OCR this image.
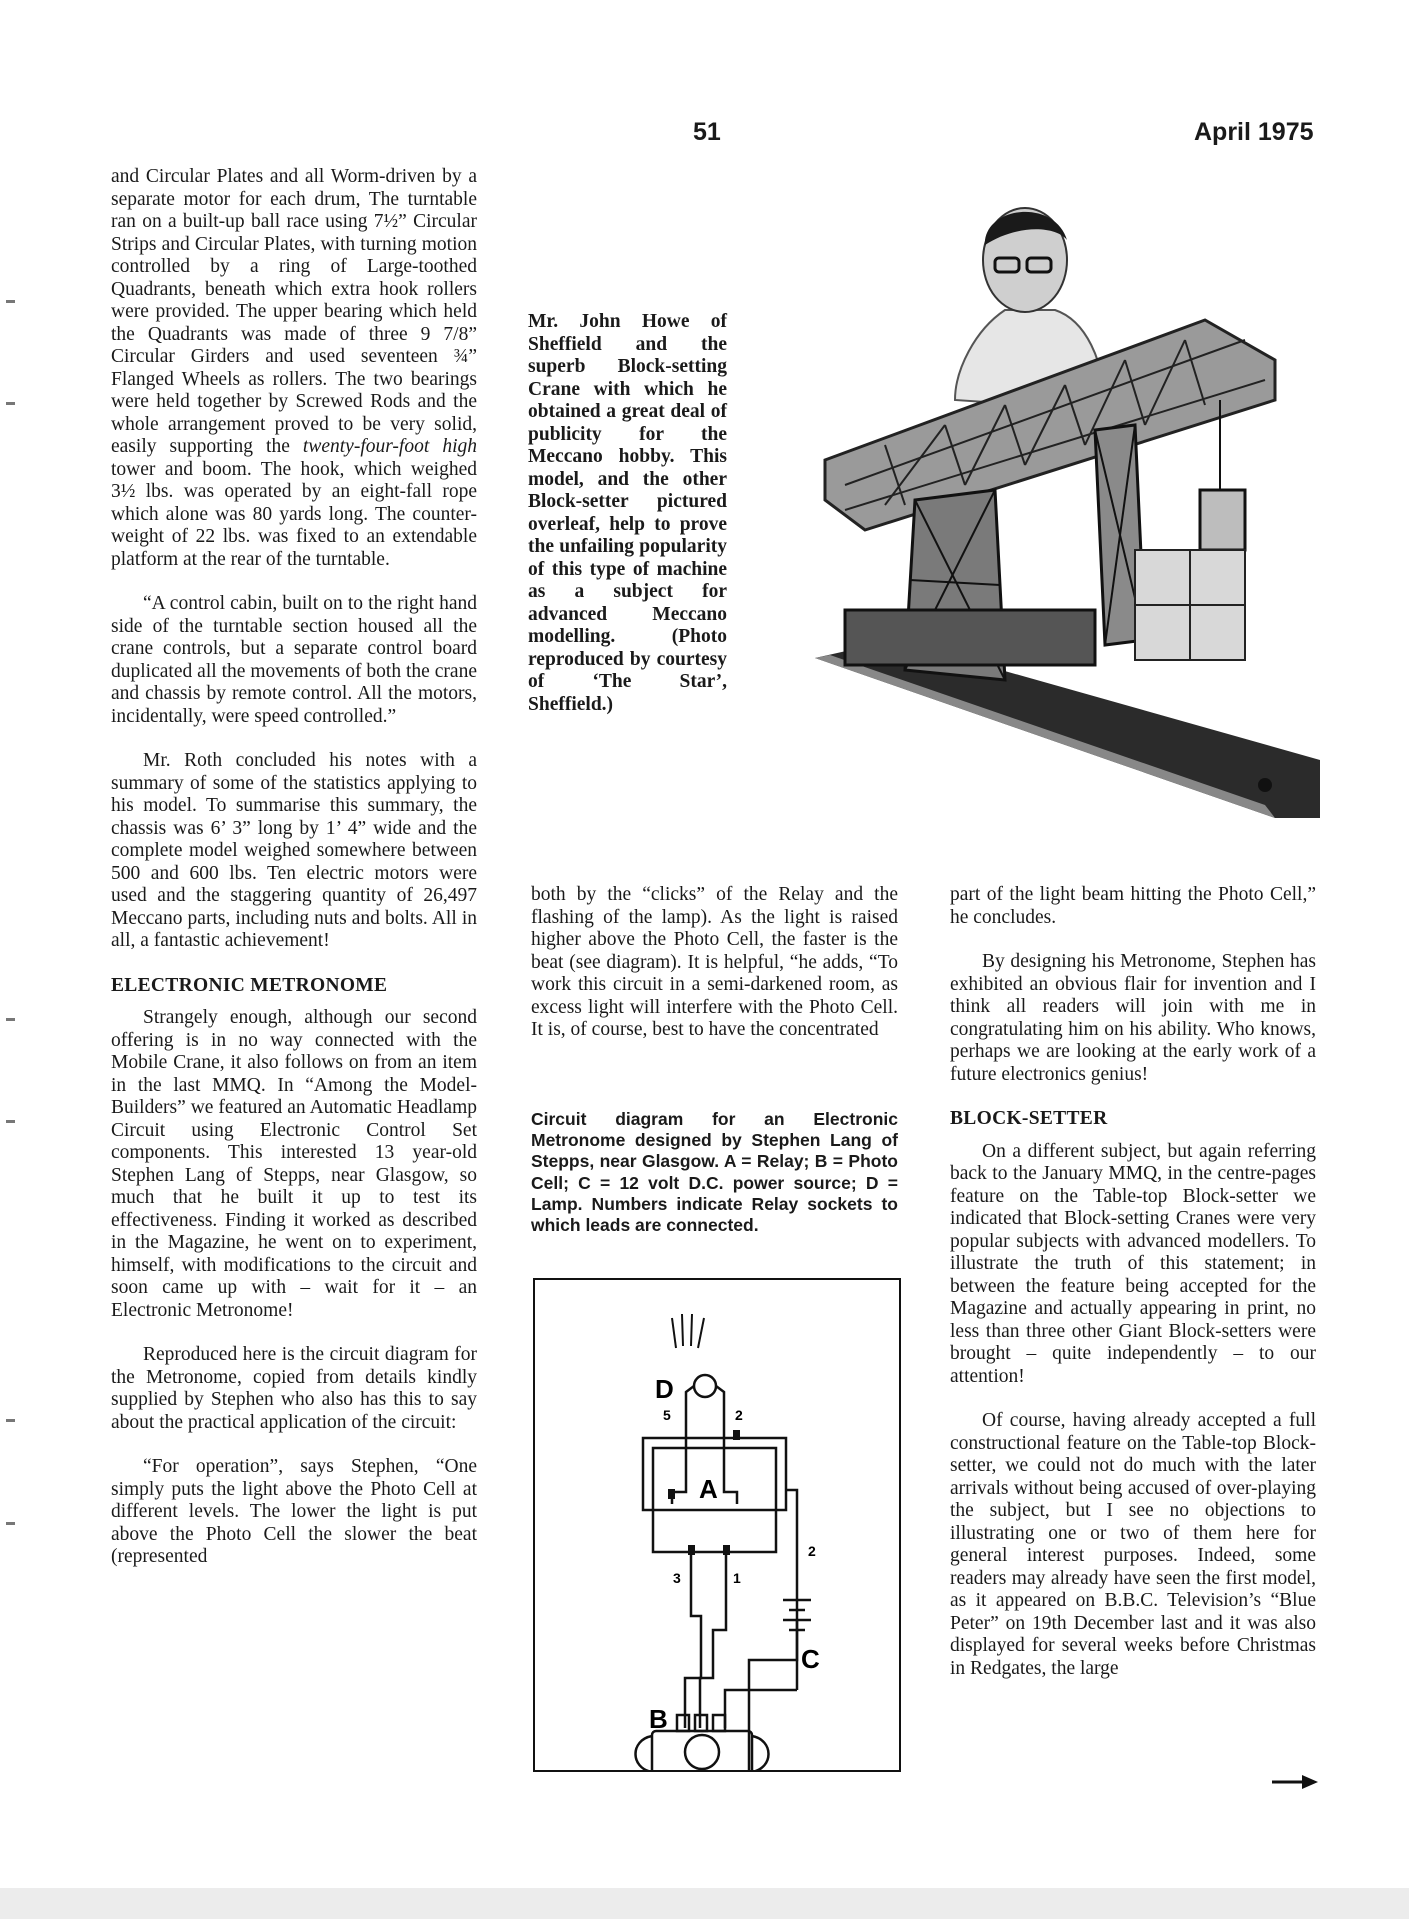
51	April 1975

and Circular Plates and all Worm-driven by a separate motor for each drum, The turntable ran on a built-up ball race using 7½” Circular Strips and Circular Plates, with turning motion controlled by a ring of Large-toothed Quadrants, beneath which extra hook rollers were provided. The upper bearing which held the Quadrants was made of three 9 7/8” Circular Girders and used seventeen ¾” Flanged Wheels as rollers. The two bearings were held together by Screwed Rods and the whole arrangement proved to be very solid, easily supporting the twenty-four-foot high tower and boom. The hook, which weighed 3½ lbs. was operated by an eight-fall rope which alone was 80 yards long. The counter-weight of 22 lbs. was fixed to an extendable platform at the rear of the turntable.

“A control cabin, built on to the right hand side of the turntable section housed all the crane controls, but a separate control board duplicated all the movements of both the crane and chassis by remote control. All the motors, incidentally, were speed controlled.”

Mr. Roth concluded his notes with a summary of some of the statistics applying to his model. To summarise this summary, the chassis was 6’ 3” long by 1’ 4” wide and the complete model weighed somewhere between 500 and 600 lbs. Ten electric motors were used and the staggering quantity of 26,497 Meccano parts, including nuts and bolts. All in all, a fantastic achievement!

ELECTRONIC METRONOME

Strangely enough, although our second offering is in no way connected with the Mobile Crane, it also follows on from an item in the last MMQ. In “Among the Model-Builders” we featured an Automatic Headlamp Circuit using Electronic Control Set components. This interested 13 year-old Stephen Lang of Stepps, near Glasgow, so much that he built it up to test its effectiveness. Finding it worked as described in the Magazine, he went on to experiment, himself, with modifications to the circuit and soon came up with – wait for it – an Electronic Metronome!

Reproduced here is the circuit diagram for the Metronome, copied from details kindly supplied by Stephen who also has this to say about the practical application of the circuit:

“For operation”, says Stephen, “One simply puts the light above the Photo Cell at different levels. The lower the light is put above the Photo Cell the slower the beat (represented

Mr. John Howe of Sheffield and the superb Block-setting Crane with which he obtained a great deal of publicity for the Meccano hobby. This model, and the other Block-setter pictured overleaf, help to prove the unfailing popularity of this type of machine as a subject for advanced Meccano modelling. (Photo reproduced by courtesy of ‘The Star’, Sheffield.)

both by the “clicks” of the Relay and the flashing of the lamp). As the light is raised higher above the Photo Cell, the faster is the beat (see diagram). It is helpful, “he adds, “To work this circuit in a semi-darkened room, as excess light will interfere with the Photo Cell. It is, of course, best to have the concentrated

Circuit diagram for an Electronic Metronome designed by Stephen Lang of Stepps, near Glasgow. A = Relay; B = Photo Cell; C = 12 volt D.C. power source; D = Lamp. Numbers indicate Relay sockets to which leads are connected.
D
5	2
A
2
C
3	1
B

part of the light beam hitting the Photo Cell,” he concludes.

By designing his Metronome, Stephen has exhibited an obvious flair for invention and I think all readers will join with me in congratulating him on his ability. Who knows, perhaps we are looking at the early work of a future electronics genius!

BLOCK-SETTER

On a different subject, but again referring back to the January MMQ, in the centre-pages feature on the Table-top Block-setter we indicated that Block-setting Cranes were very popular subjects with advanced modellers. To illustrate the truth of this statement; in between the feature being accepted for the Magazine and actually appearing in print, no less than three other Giant Block-setters were brought – quite independently – to our attention!

Of course, having already accepted a full constructional feature on the Table-top Block-setter, we could not do much with the later arrivals without being accused of over-playing the subject, but I see no objections to illustrating one or two of them here for general interest purposes. Indeed, some readers may already have seen the first model, as it appeared on B.B.C. Television’s “Blue Peter” on 19th December last and it was also displayed for several weeks before Christmas in Redgates, the large
